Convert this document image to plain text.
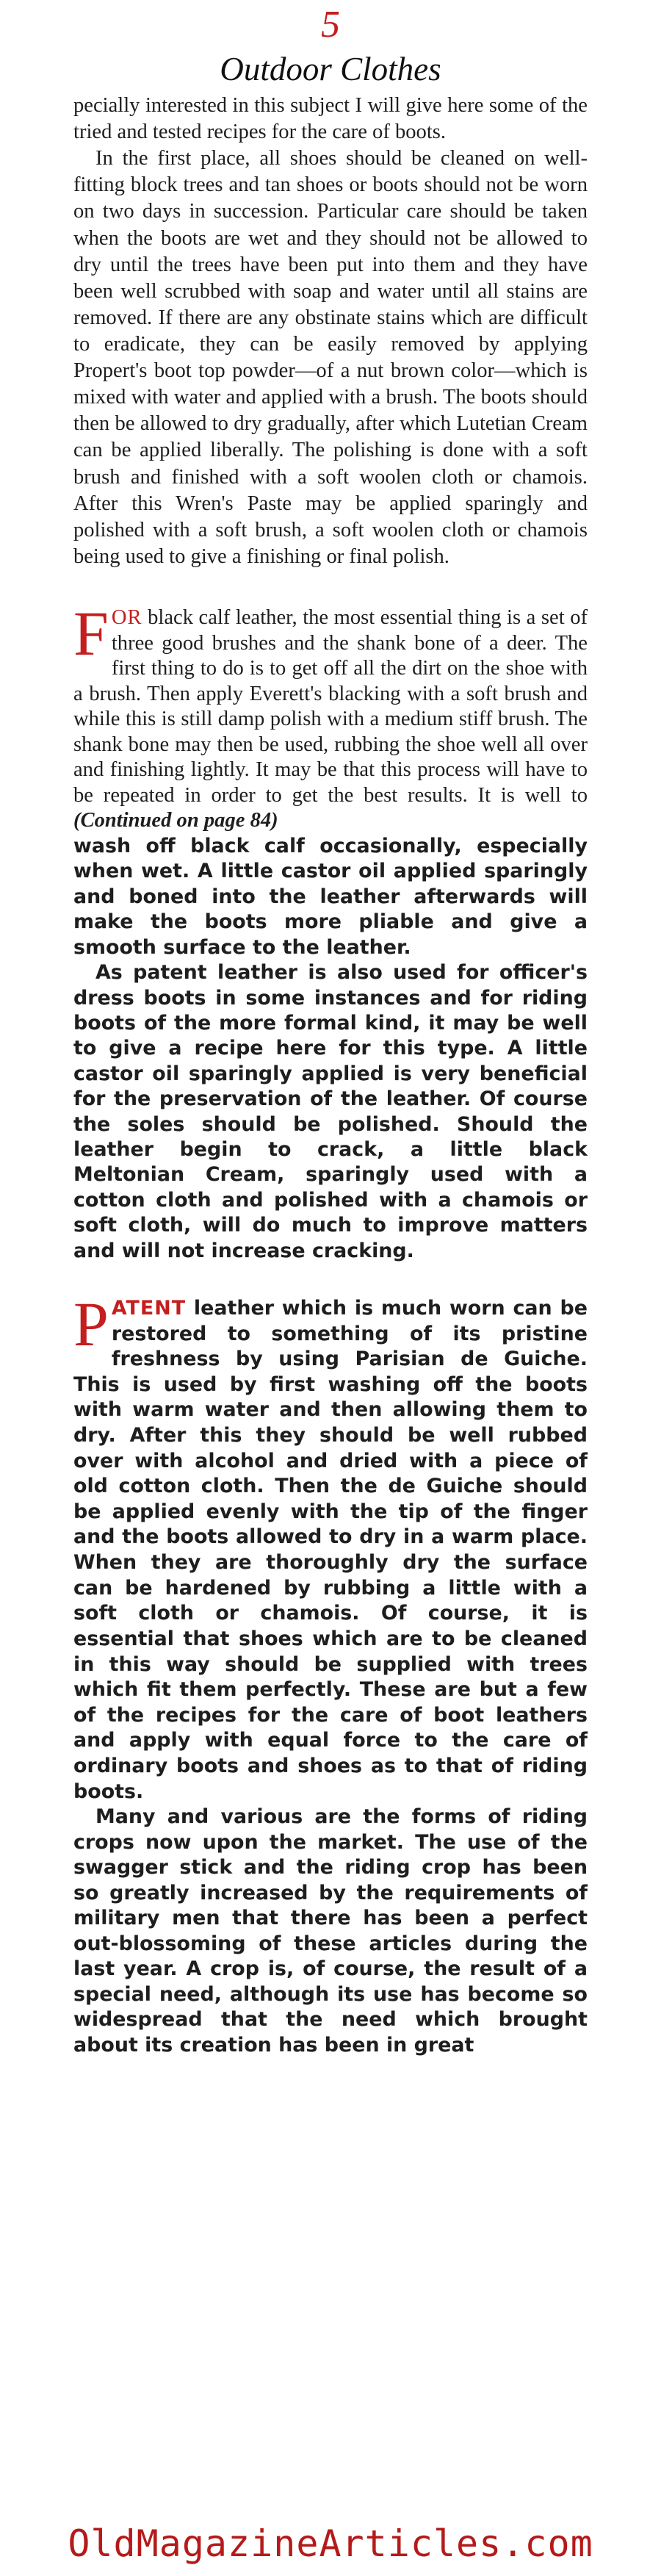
5
Outdoor Clothes

pecially interested in this subject I will give here some of the tried and tested recipes for the care of boots.

In the first place, all shoes should be cleaned on well-fitting block trees and tan shoes or boots should not be worn on two days in succession. Particular care should be taken when the boots are wet and they should not be allowed to dry until the trees have been put into them and they have been well scrubbed with soap and water until all stains are removed. If there are any obstinate stains which are difficult to eradicate, they can be easily removed by applying Propert's boot top powder—of a nut brown color—which is mixed with water and applied with a brush. The boots should then be allowed to dry gradually, after which Lutetian Cream can be applied liberally. The polishing is done with a soft brush and finished with a soft woolen cloth or chamois. After this Wren's Paste may be applied sparingly and polished with a soft brush, a soft woolen cloth or chamois being used to give a finishing or final polish.

FOR black calf leather, the most essential thing is a set of three good brushes and the shank bone of a deer. The first thing to do is to get off all the dirt on the shoe with a brush. Then apply Everett's blacking with a soft brush and while this is still damp polish with a medium stiff brush. The shank bone may then be used, rubbing the shoe well all over and finishing lightly. It may be that this process will have to be repeated in order to get the best results. It is well to (Continued on page 84)

wash off black calf occasionally, especially when wet. A little castor oil applied sparingly and boned into the leather afterwards will make the boots more pliable and give a smooth surface to the leather.

As patent leather is also used for officer's dress boots in some instances and for riding boots of the more formal kind, it may be well to give a recipe here for this type. A little castor oil sparingly applied is very beneficial for the preservation of the leather. Of course the soles should be polished. Should the leather begin to crack, a little black Meltonian Cream, sparingly used with a cotton cloth and polished with a chamois or soft cloth, will do much to improve matters and will not increase cracking.

PATENT leather which is much worn can be restored to something of its pristine freshness by using Parisian de Guiche. This is used by first washing off the boots with warm water and then allowing them to dry. After this they should be well rubbed over with alcohol and dried with a piece of old cotton cloth. Then the de Guiche should be applied evenly with the tip of the finger and the boots allowed to dry in a warm place. When they are thoroughly dry the surface can be hardened by rubbing a little with a soft cloth or chamois. Of course, it is essential that shoes which are to be cleaned in this way should be supplied with trees which fit them perfectly. These are but a few of the recipes for the care of boot leathers and apply with equal force to the care of ordinary boots and shoes as to that of riding boots.

Many and various are the forms of riding crops now upon the market. The use of the swagger stick and the riding crop has been so greatly increased by the requirements of military men that there has been a perfect out-blossoming of these articles during the last year. A crop is, of course, the result of a special need, although its use has become so widespread that the need which brought about its creation has been in great

OldMagazineArticles.com
